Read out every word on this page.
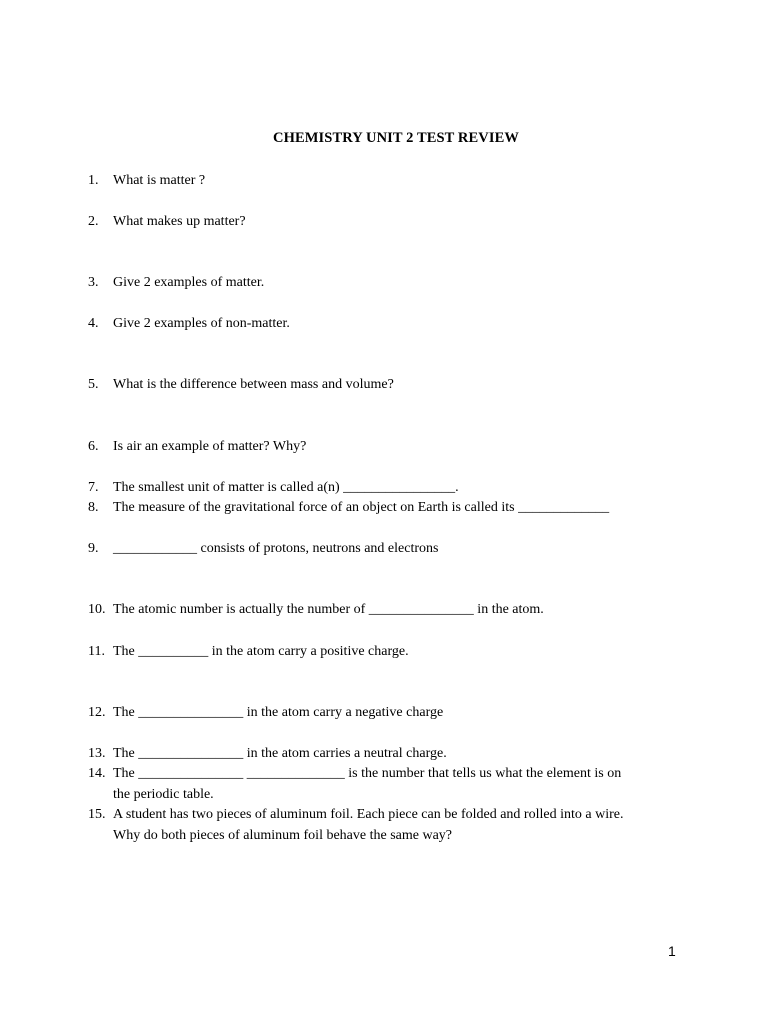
CHEMISTRY UNIT 2 TEST REVIEW
1. What is matter ?
2. What makes up matter?
3. Give 2 examples of matter.
4. Give 2 examples of non-matter.
5. What is the difference between mass and volume?
6. Is air an example of matter? Why?
7. The smallest unit of matter is called a(n) ________________.
8. The measure of the gravitational force of an object on Earth is called its _____________
9. ____________ consists of protons, neutrons and electrons
10. The atomic number is actually the number of _______________ in the atom.
11. The __________ in the atom carry a positive charge.
12. The _______________ in the atom carry a negative charge
13. The _______________ in the atom carries a neutral charge.
14. The _______________ ______________ is the number that tells us what the element is on
the periodic table.
15. A student has two pieces of aluminum foil. Each piece can be folded and rolled into a wire.
Why do both pieces of aluminum foil behave the same way?
1
